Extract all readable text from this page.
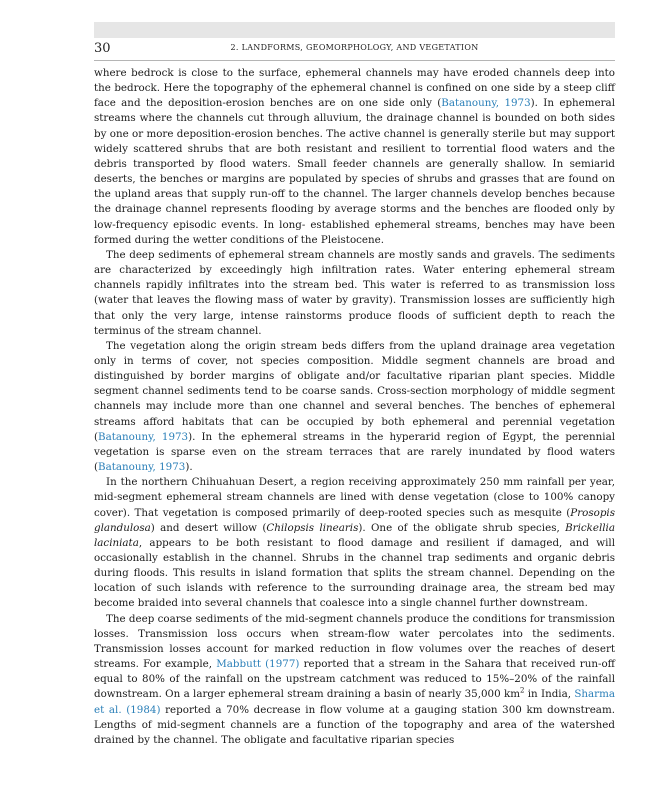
30	2. LANDFORMS, GEOMORPHOLOGY, AND VEGETATION

where bedrock is close to the surface, ephemeral channels may have eroded channels deep into the bedrock. Here the topography of the ephemeral channel is confined on one side by a steep cliff face and the deposition-erosion benches are on one side only (Batanouny, 1973). In ephemeral streams where the channels cut through alluvium, the drainage channel is bounded on both sides by one or more deposition-erosion benches. The active channel is generally sterile but may support widely scattered shrubs that are both resistant and resilient to torrential flood waters and the debris transported by flood waters. Small feeder channels are generally shallow. In semiarid deserts, the benches or margins are populated by species of shrubs and grasses that are found on the upland areas that supply run-off to the channel. The larger channels develop benches because the drainage channel represents flooding by average storms and the benches are flooded only by low-frequency episodic events. In long- established ephemeral streams, benches may have been formed during the wetter conditions of the Pleistocene.

The deep sediments of ephemeral stream channels are mostly sands and gravels. The sediments are characterized by exceedingly high infiltration rates. Water entering ephemeral stream channels rapidly infiltrates into the stream bed. This water is referred to as transmission loss (water that leaves the flowing mass of water by gravity). Transmission losses are sufficiently high that only the very large, intense rainstorms produce floods of sufficient depth to reach the terminus of the stream channel.

The vegetation along the origin stream beds differs from the upland drainage area vegetation only in terms of cover, not species composition. Middle segment channels are broad and distinguished by border margins of obligate and/or facultative riparian plant species. Middle segment channel sediments tend to be coarse sands. Cross-section morphology of middle segment channels may include more than one channel and several benches. The benches of ephemeral streams afford habitats that can be occupied by both ephemeral and perennial vegetation (Batanouny, 1973). In the ephemeral streams in the hyperarid region of Egypt, the perennial vegetation is sparse even on the stream terraces that are rarely inundated by flood waters (Batanouny, 1973).

In the northern Chihuahuan Desert, a region receiving approximately 250 mm rainfall per year, mid-segment ephemeral stream channels are lined with dense vegetation (close to 100% canopy cover). That vegetation is composed primarily of deep-rooted species such as mesquite (Prosopis glandulosa) and desert willow (Chilopsis linearis). One of the obligate shrub species, Brickellia laciniata, appears to be both resistant to flood damage and resilient if damaged, and will occasionally establish in the channel. Shrubs in the channel trap sediments and organic debris during floods. This results in island formation that splits the stream channel. Depending on the location of such islands with reference to the surrounding drainage area, the stream bed may become braided into several channels that coalesce into a single channel further downstream.

The deep coarse sediments of the mid-segment channels produce the conditions for transmission losses. Transmission loss occurs when stream-flow water percolates into the sediments. Transmission losses account for marked reduction in flow volumes over the reaches of desert streams. For example, Mabbutt (1977) reported that a stream in the Sahara that received run-off equal to 80% of the rainfall on the upstream catchment was reduced to 15%–20% of the rainfall downstream. On a larger ephemeral stream draining a basin of nearly 35,000 $km^2$ in India, Sharma et al. (1984) reported a 70% decrease in flow volume at a gauging station 300 km downstream. Lengths of mid-segment channels are a function of the topography and area of the watershed drained by the channel. The obligate and facultative riparian species
